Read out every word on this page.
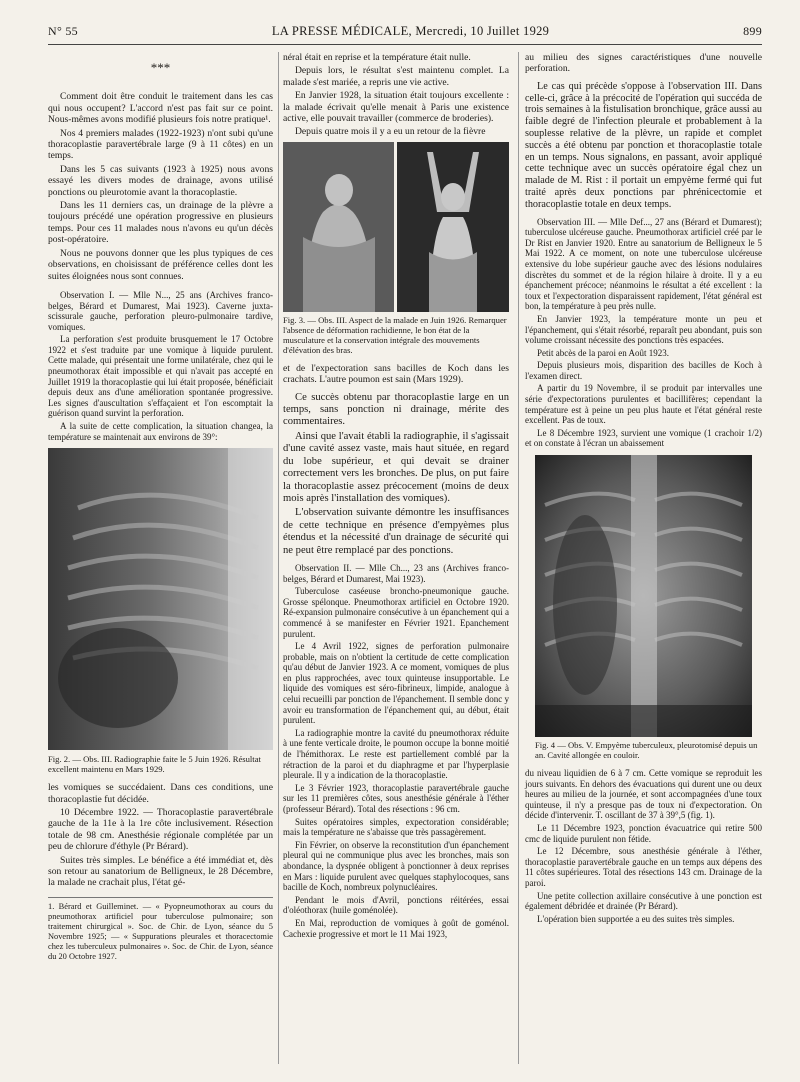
N° 55	LA PRESSE MÉDICALE, Mercredi, 10 Juillet 1929	899
***

Comment doit être conduit le traitement dans les cas qui nous occupent? L'accord n'est pas fait sur ce point. Nous-mêmes avons modifié plusieurs fois notre pratique¹.

Nos 4 premiers malades (1922-1923) n'ont subi qu'une thoracoplastie paravertébrale large (9 à 11 côtes) en un temps.

Dans les 5 cas suivants (1923 à 1925) nous avons essayé les divers modes de drainage, avons utilisé ponctions ou pleurotomie avant la thoracoplastie.

Dans les 11 derniers cas, un drainage de la plèvre a toujours précédé une opération progressive en plusieurs temps. Pour ces 11 malades nous n'avons eu qu'un décès post-opératoire.

Nous ne pouvons donner que les plus typiques de ces observations, en choisissant de préférence celles dont les suites éloignées nous sont connues.

Observation I. — Mlle N..., 25 ans (Archives franco-belges, Bérard et Dumarest, Mai 1923). Caverne juxta-scissurale gauche, perforation pleuro-pulmonaire tardive, vomiques.

La perforation s'est produite brusquement le 17 Octobre 1922 et s'est traduite par une vomique à liquide purulent. Cette malade, qui présentait une forme unilatérale, chez qui le pneumothorax était impossible et qui n'avait pas accepté en Juillet 1919 la thoracoplastie qui lui était proposée, bénéficiait depuis deux ans d'une amélioration spontanée progressive. Les signes d'auscultation s'effaçaient et l'on escomptait la guérison quand survint la perforation.

A la suite de cette complication, la situation changea, la température se maintenait aux environs de 39°:

Fig. 2. — Obs. III. Radiographie faite le 5 Juin 1926. Résultat excellent maintenu en Mars 1929.

les vomiques se succédaient. Dans ces conditions, une thoracoplastie fut décidée.

10 Décembre 1922. — Thoracoplastie paravertébrale gauche de la 11e à la 1re côte inclusivement. Résection totale de 98 cm. Anesthésie régionale complétée par un peu de chlorure d'éthyle (Pr Bérard).

Suites très simples. Le bénéfice a été immédiat et, dès son retour au sanatorium de Belligneux, le 28 Décembre, la malade ne crachait plus, l'état gé-

1. Bérard et Guilleminet. — « Pyopneumothorax au cours du pneumothorax artificiel pour tuberculose pulmonaire; son traitement chirurgical ». Soc. de Chir. de Lyon, séance du 5 Novembre 1925; — « Suppurations pleurales et thoracectomie chez les tuberculeux pulmonaires ». Soc. de Chir. de Lyon, séance du 20 Octobre 1927.

néral était en reprise et la température était nulle.

Depuis lors, le résultat s'est maintenu complet. La malade s'est mariée, a repris une vie active.

En Janvier 1928, la situation était toujours excellente : la malade écrivait qu'elle menait à Paris une existence active, elle pouvait travailler (commerce de broderies).

Depuis quatre mois il y a eu un retour de la fièvre

Fig. 3. — Obs. III. Aspect de la malade en Juin 1926. Remarquer l'absence de déformation rachidienne, le bon état de la musculature et la conservation intégrale des mouvements d'élévation des bras.

et de l'expectoration sans bacilles de Koch dans les crachats. L'autre poumon est sain (Mars 1929).

Ce succès obtenu par thoracoplastie large en un temps, sans ponction ni drainage, mérite des commentaires.

Ainsi que l'avait établi la radiographie, il s'agissait d'une cavité assez vaste, mais haut située, en regard du lobe supérieur, et qui devait se drainer correctement vers les bronches. De plus, on put faire la thoracoplastie assez précocement (moins de deux mois après l'installation des vomiques).

L'observation suivante démontre les insuffisances de cette technique en présence d'empyèmes plus étendus et la nécessité d'un drainage de sécurité qui ne peut être remplacé par des ponctions.

Observation II. — Mlle Ch..., 23 ans (Archives franco-belges, Bérard et Dumarest, Mai 1923).

Tuberculose caséeuse broncho-pneumonique gauche. Grosse spélonque. Pneumothorax artificiel en Octobre 1920. Ré-expansion pulmonaire consécutive à un épanchement qui a commencé à se manifester en Février 1921. Epanchement purulent.

Le 4 Avril 1922, signes de perforation pulmonaire probable, mais on n'obtient la certitude de cette complication qu'au début de Janvier 1923. A ce moment, vomiques de plus en plus rapprochées, avec toux quinteuse insupportable. Le liquide des vomiques est séro-fibrineux, limpide, analogue à celui recueilli par ponction de l'épanchement. Il semble donc y avoir eu transformation de l'épanchement qui, au début, était purulent.

La radiographie montre la cavité du pneumothorax réduite à une fente verticale droite, le poumon occupe la bonne moitié de l'hémithorax. Le reste est partiellement comblé par la rétraction de la paroi et du diaphragme et par l'hyperplasie pleurale. Il y a indication de la thoracoplastie.

Le 3 Février 1923, thoracoplastie paravertébrale gauche sur les 11 premières côtes, sous anesthésie générale à l'éther (professeur Bérard). Total des résections : 96 cm.

Suites opératoires simples, expectoration considérable; mais la température ne s'abaisse que très passagèrement.

Fin Février, on observe la reconstitution d'un épanchement pleural qui ne communique plus avec les bronches, mais son abondance, la dyspnée obligent à ponctionner à deux reprises en Mars : liquide purulent avec quelques staphylocoques, sans bacille de Koch, nombreux polynucléaires.

Pendant le mois d'Avril, ponctions réitérées, essai d'oléothorax (huile goménolée).

En Mai, reproduction de vomiques à goût de goménol. Cachexie progressive et mort le 11 Mai 1923,

au milieu des signes caractéristiques d'une nouvelle perforation.

Le cas qui précède s'oppose à l'observation III. Dans celle-ci, grâce à la précocité de l'opération qui succéda de trois semaines à la fistulisation bronchique, grâce aussi au faible degré de l'infection pleurale et probablement à la souplesse relative de la plèvre, un rapide et complet succès a été obtenu par ponction et thoracoplastie totale en un temps. Nous signalons, en passant, avoir appliqué cette technique avec un succès opératoire égal chez un malade de M. Rist : il portait un empyème fermé qui fut traité après deux ponctions par phrénicectomie et thoracoplastie totale en deux temps.

Observation III. — Mlle Def..., 27 ans (Bérard et Dumarest); tuberculose ulcéreuse gauche. Pneumothorax artificiel créé par le Dr Rist en Janvier 1920. Entre au sanatorium de Belligneux le 5 Mai 1922. A ce moment, on note une tuberculose ulcéreuse extensive du lobe supérieur gauche avec des lésions nodulaires discrètes du sommet et de la région hilaire à droite. Il y a eu épanchement précoce; néanmoins le résultat a été excellent : la toux et l'expectoration disparaissent rapidement, l'état général est bon, la température à peu près nulle.

En Janvier 1923, la température monte un peu et l'épanchement, qui s'était résorbé, reparaît peu abondant, puis son volume croissant nécessite des ponctions très espacées.

Petit abcès de la paroi en Août 1923.

Depuis plusieurs mois, disparition des bacilles de Koch à l'examen direct.

A partir du 19 Novembre, il se produit par intervalles une série d'expectorations purulentes et bacillifères; cependant la température est à peine un peu plus haute et l'état général reste excellent. Pas de toux.

Le 8 Décembre 1923, survient une vomique (1 crachoir 1/2) et on constate à l'écran un abaissement

Fig. 4 — Obs. V. Empyème tuberculeux, pleurotomisé depuis un an. Cavité allongée en couloir.

du niveau liquidien de 6 à 7 cm. Cette vomique se reproduit les jours suivants. En dehors des évacuations qui durent une ou deux heures au milieu de la journée, et sont accompagnées d'une toux quinteuse, il n'y a presque pas de toux ni d'expectoration. On décide d'intervenir. T. oscillant de 37 à 39°,5 (fig. 1).

Le 11 Décembre 1923, ponction évacuatrice qui retire 500 cmc de liquide purulent non fétide.

Le 12 Décembre, sous anesthésie générale à l'éther, thoracoplastie paravertébrale gauche en un temps aux dépens des 11 côtes supérieures. Total des résections 143 cm. Drainage de la paroi.

Une petite collection axillaire consécutive à une ponction est également débridée et drainée (Pr Bérard).

L'opération bien supportée a eu des suites très simples.
